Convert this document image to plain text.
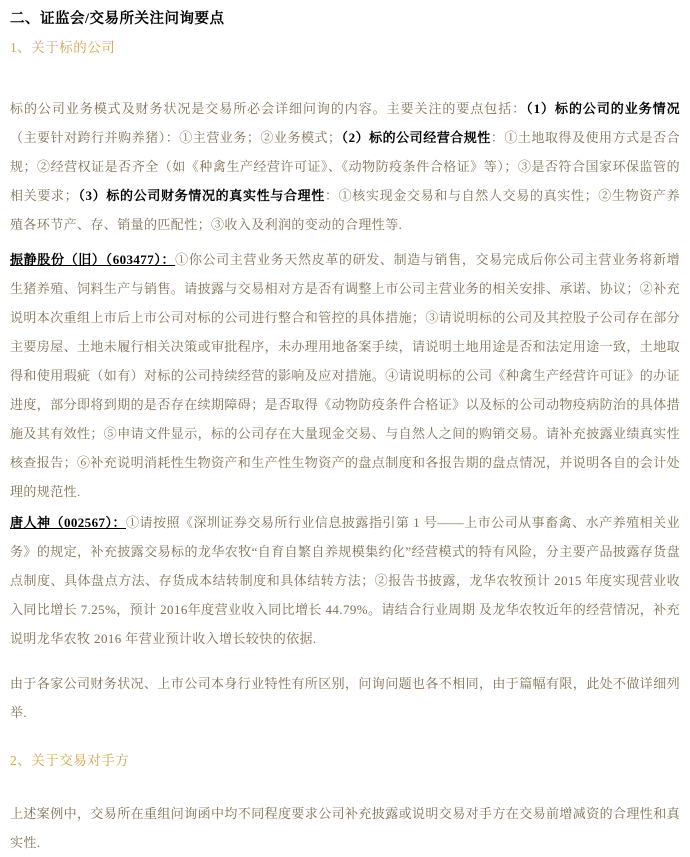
二、证监会/交易所关注问询要点
1、关于标的公司

标的公司业务模式及财务状况是交易所必会详细问询的内容。主要关注的要点包括：（1）标的公司的业务情况（主要针对跨行并购养猪）：①主营业务；②业务模式；（2）标的公司经营合规性：①土地取得及使用方式是否合规；②经营权证是否齐全（如《种禽生产经营许可证》、《动物防疫条件合格证》等）；③是否符合国家环保监管的相关要求；（3）标的公司财务情况的真实性与合理性：①核实现金交易和与自然人交易的真实性；②生物资产养殖各环节产、存、销量的匹配性；③收入及利润的变动的合理性等.

振静股份（旧）（603477）：①你公司主营业务天然皮革的研发、制造与销售，交易完成后你公司主营业务将新增生猪养殖、饲料生产与销售。请披露与交易相对方是否有调整上市公司主营业务的相关安排、承诺、协议；②补充说明本次重组上市后上市公司对标的公司进行整合和管控的具体措施；③请说明标的公司及其控股子公司存在部分主要房屋、土地未履行相关决策或审批程序，未办理用地备案手续，请说明土地用途是否和法定用途一致，土地取得和使用瑕疵（如有）对标的公司持续经营的影响及应对措施。④请说明标的公司《种禽生产经营许可证》的办证进度，部分即将到期的是否存在续期障碍；是否取得《动物防疫条件合格证》以及标的公司动物疫病防治的具体措施及其有效性；⑤申请文件显示，标的公司存在大量现金交易、与自然人之间的购销交易。请补充披露业绩真实性核查报告；⑥补充说明消耗性生物资产和生产性生物资产的盘点制度和各报告期的盘点情况，并说明各自的会计处理的规范性.

唐人神（002567）：①请按照《深圳证券交易所行业信息披露指引第 1 号——上市公司从事畜禽、水产养殖相关业务》的规定，补充披露交易标的龙华农牧“自育自繁自养规模集约化”经营模式的特有风险，分主要产品披露存货盘点制度、具体盘点方法、存货成本结转制度和具体结转方法；②报告书披露，龙华农牧预计 2015 年度实现营业收入同比增长 7.25%，预计 2016年度营业收入同比增长 44.79%。请结合行业周期 及龙华农牧近年的经营情况，补充说明龙华农牧 2016 年营业预计收入增长较快的依据.

由于各家公司财务状况、上市公司本身行业特性有所区别，问询问题也各不相同，由于篇幅有限，此处不做详细列举.

2、关于交易对手方

上述案例中，交易所在重组问询函中均不同程度要求公司补充披露或说明交易对手方在交易前增减资的合理性和真实性.
